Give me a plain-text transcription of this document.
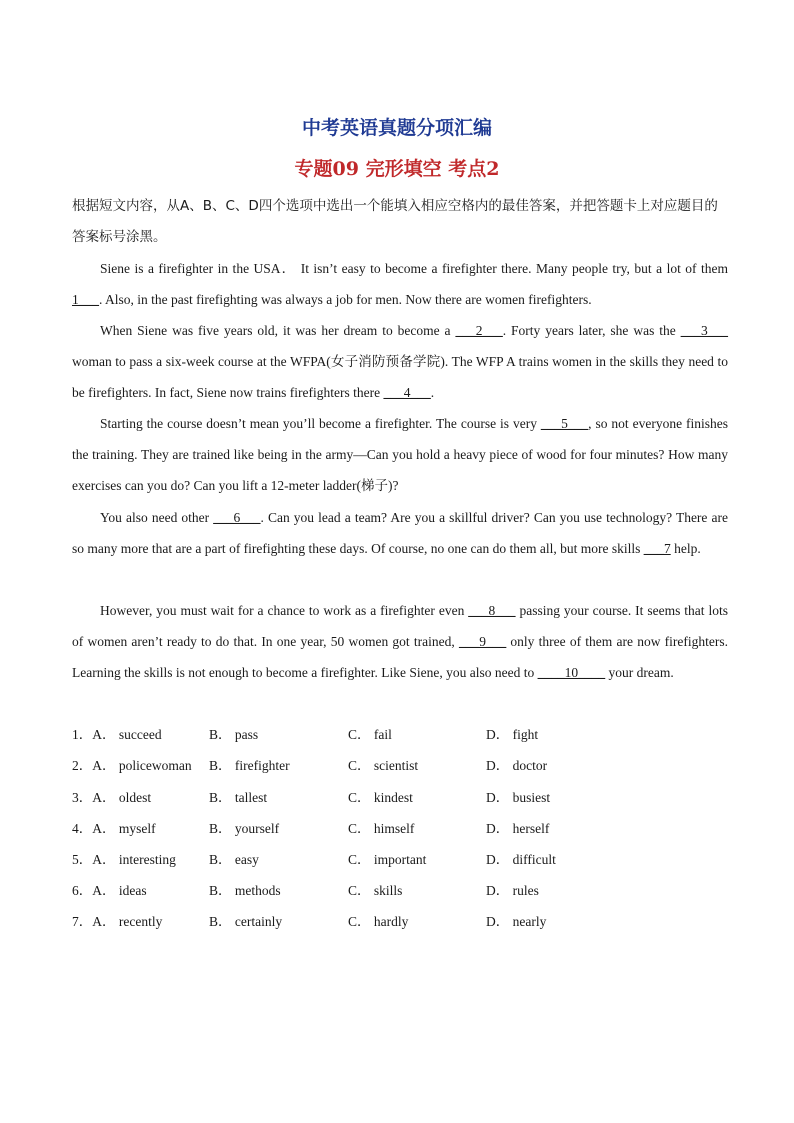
中考英语真题分项汇编
专题09 完形填空 考点2
根据短文内容，从A、B、C、D四个选项中选出一个能填入相应空格内的最佳答案，并把答题卡上对应题目的答案标号涂黑。
Siene is a firefighter in the USA． It isn’t easy to become a firefighter there. Many people try, but a lot of them 1___. Also, in the past firefighting was always a job for men. Now there are women firefighters.
When Siene was five years old, it was her dream to become a ___2___. Forty years later, she was the ___3___ woman to pass a six-week course at the WFPA(女子消防预备学院). The WFP A trains women in the skills they need to be firefighters. In fact, Siene now trains firefighters there ___4___.
Starting the course doesn’t mean you’ll become a firefighter. The course is very ___5___, so not everyone finishes the training. They are trained like being in the army—Can you hold a heavy piece of wood for four minutes? How many exercises can you do? Can you lift a 12-meter ladder(梯子)?
You also need other ___6___. Can you lead a team? Are you a skillful driver? Can you use technology? There are so many more that are a part of firefighting these days. Of course, no one can do them all, but more skills ___7 help.
However, you must wait for a chance to work as a firefighter even ___8___ passing your course. It seems that lots of women aren’t ready to do that. In one year, 50 women got trained, ___9___ only three of them are now firefighters. Learning the skills is not enough to become a firefighter. Like Siene, you also need to ____10____ your dream.
1．A． succeed	B． pass	C． fail	D． fight
2．A． policewoman B． firefighter	C． scientist	D． doctor
3．A． oldest	B． tallest	C． kindest	D． busiest
4．A． myself	B． yourself	C． himself	D． herself
5．A． interesting B． easy	C． important	D． difficult
6．A． ideas	B． methods	C． skills	D． rules
7．A． recently	B． certainly	C． hardly	D． nearly
